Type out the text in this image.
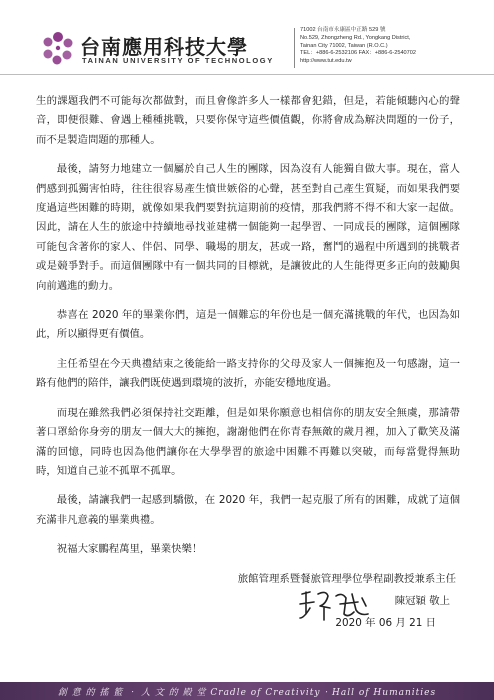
台南應用科技大學
TAINAN UNIVERSITY OF TECHNOLOGY
71002 台南市永康區中正路 529 號
No.529, Zhongzheng Rd., Yongkang District,
Tainan City 71002, Taiwan (R.O.C.)
TEL：+886-6-2532106 FAX：+886-6-2540702
http://www.tut.edu.tw

生的課題我們不可能每次都做對，而且會像許多人一樣都會犯錯，但是，若能傾聽內心的聲音，即便很難、會遇上種種挑戰，只要你保守這些價值觀，你將會成為解決問題的一份子，而不是製造問題的那種人。

最後，請努力地建立一個屬於自己人生的團隊，因為沒有人能獨自做大事。現在，當人們感到孤獨害怕時，往往很容易產生憤世嫉俗的心聲，甚至對自己產生質疑，而如果我們要度過這些困難的時期，就像如果我們要對抗這期前的疫情，那我們將不得不和大家一起做。因此，請在人生的旅途中持續地尋找並建構一個能夠一起學習、一同成長的團隊，這個團隊可能包含著你的家人、伴侶、同學、職場的朋友，甚或一路，奮鬥的過程中所遇到的挑戰者或是競爭對手。而這個團隊中有一個共同的目標就，是讓彼此的人生能得更多正向的鼓勵與向前邁進的動力。

恭喜在 2020 年的畢業你們，這是一個難忘的年份也是一個充滿挑戰的年代，也因為如此，所以顯得更有價值。

主任希望在今天典禮結束之後能給一路支持你的父母及家人一個擁抱及一句感謝，這一路有他們的陪伴，讓我們既使遇到環境的波折，亦能安穩地度過。

而現在雖然我們必須保持社交距離，但是如果你願意也相信你的朋友安全無虞，那請帶著口罩給你身旁的朋友一個大大的擁抱，謝謝他們在你青春無敵的歲月裡，加入了歡笑及滿滿的回憶，同時也因為他們讓你在大學學習的旅途中困難不再難以突破，而每當覺得無助時，知道自己並不孤單不孤單。

最後，請讓我們一起感到驕傲，在 2020 年，我們一起克服了所有的困難，成就了這個充滿非凡意義的畢業典禮。

祝福大家鵬程萬里，畢業快樂！

旅館管理系暨餐旅管理學位學程副教授兼系主任
陳冠穎 敬上
2020 年 06 月 21 日
創 意 的 搖 籃 ‧ 人 文 的 殿 堂 Cradle of Creativity ‧ Hall of Humanities
